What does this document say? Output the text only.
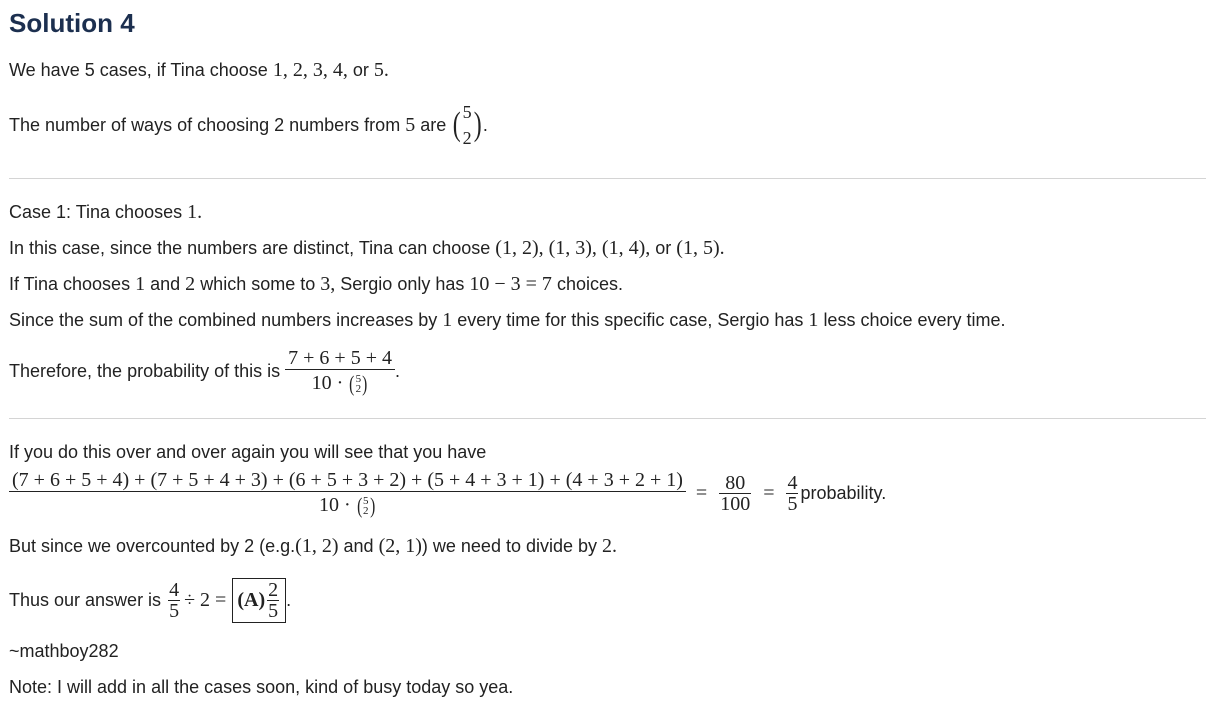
Solution 4
We have 5 cases, if Tina choose 1, 2, 3, 4, or 5.
The number of ways of choosing 2 numbers from
5
are
( 5
2 ) .
Case 1: Tina chooses 1.
In this case, since the numbers are distinct, Tina can choose (1, 2), (1, 3), (1, 4), or (1, 5).
If Tina chooses 1 and 2 which some to 3, Sergio only has 10 − 3 = 7 choices.
Since the sum of the combined numbers increases by 1 every time for this specific case, Sergio has 1 less choice every time.
Therefore, the probability of this is
7 + 6 + 5 + 4
10 · ( 5
2 ) .
If you do this over and over again you will see that you have
(7 + 6 + 5 + 4) + (7 + 5 + 4 + 3) + (6 + 5 + 3 + 2) + (5 + 4 + 3 + 1) + (4 + 3 + 2 + 1)
10 · ( 5
2 )
= 80
100 = 4
5 probability.
But since we overcounted by 2 (e.g.(1, 2) and (2, 1)) we need to divide by 2.
Thus our answer is
4
5 ÷ 2 = (A) 2
5 .
~mathboy282
Note: I will add in all the cases soon, kind of busy today so yea.
